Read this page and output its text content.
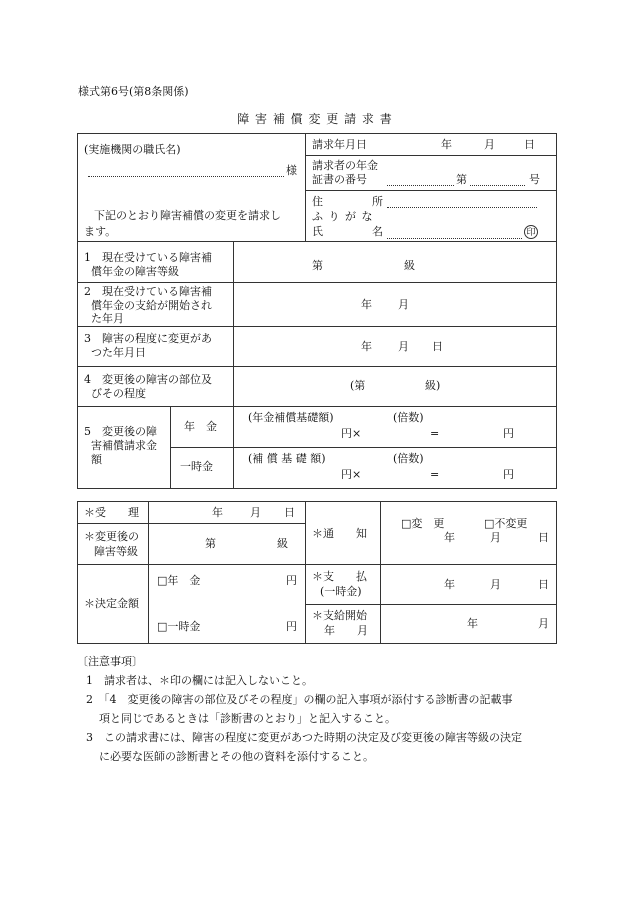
様式第6号(第8条関係)
障 害 補 償 変 更 請 求 書
(実施機関の職氏名)
様
下記のとおり障害補償の変更を請求し
ます。
請求年月日	年	月	日
請求者の年金
証書の番号	第	号
住	所
ふ り が な
氏	名	印
1　現在受けている障害補
償年金の障害等級	第	級
2　現在受けている障害補
償年金の支給が開始され
た年月
年 月
3　障害の程度に変更があ
つた年月日	年 月 日
4　変更後の障害の部位及
びその程度
(第	級)
5　変更後の障
害補償請求金
額
年　金
(年金補償基礎額)	(倍数)
円×	=	円
一時金
(補 償 基 礎 額)	(倍数)
円×	=	円
＊受　　理	年 月 日
＊変更後の
障害等級
第	級
＊通　　知
□変　更	□不変更
年	月	日
＊決定金額
□年　金	円
□一時金	円
＊支　　払
(一時金)
年	月	日
＊支給開始
年　　月
年	月
〔注意事項〕
1　請求者は、＊印の欄には記入しないこと。
2　「4　変更後の障害の部位及びその程度」の欄の記入事項が添付する診断書の記載事
項と同じであるときは「診断書のとおり」と記入すること。
3　この請求書には、障害の程度に変更があつた時期の決定及び変更後の障害等級の決定
に必要な医師の診断書とその他の資料を添付すること。
